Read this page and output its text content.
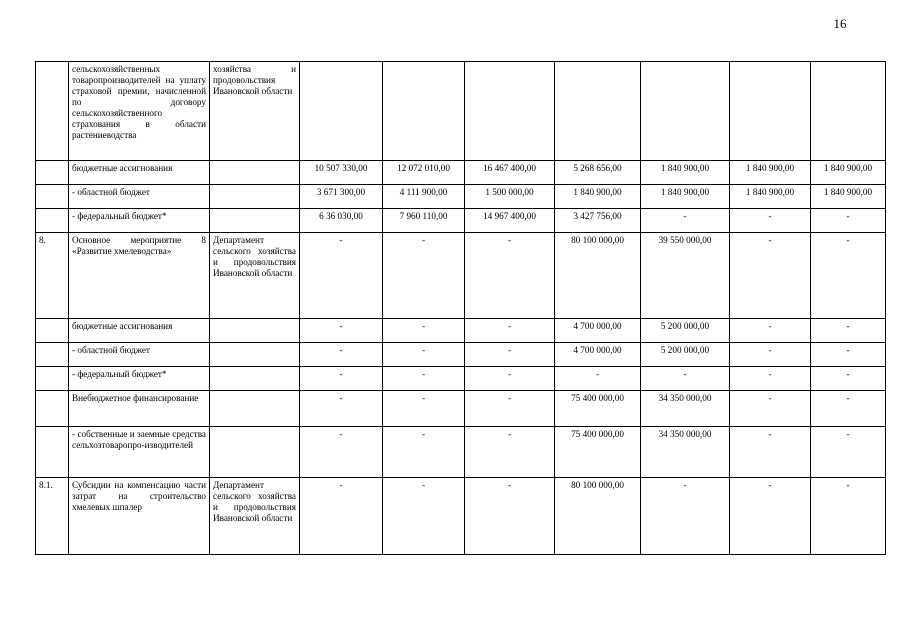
16
	сельскохозяйственных товаропроизводителей на уплату страховой премии, начисленной по договору сельскохозяйственного страхования в области растениеводства	хозяйства и продовольствия Ивановской области							
	бюджетные ассигнования		10 507 330,00	12 072 010,00	16 467 400,00	5 268 656,00	1 840 900,00	1 840 900,00	1 840 900,00
	- областной бюджет		3 671 300,00	4 111 900,00	1 500 000,00	1 840 900,00	1 840 900,00	1 840 900,00	1 840 900,00
	- федеральный бюджет*		6 36 030,00	7 960 110,00	14 967 400,00	3 427 756,00	-	-	-
8.	Основное мероприятие 8 «Развитие хмелеводства»	Департамент сельского хозяйства и продовольствия Ивановской области	-	-	-	80 100 000,00	39 550 000,00	-	-
	бюджетные ассигнования		-	-	-	4 700 000,00	5 200 000,00	-	-
	- областной бюджет		-	-	-	4 700 000,00	5 200 000,00	-	-
	- федеральный бюджет*		-	-	-	-	-	-	-
	Внебюджетное финансирование		-	-	-	75 400 000,00	34 350 000,00	-	-
	- собственные и заемные средства сельхозтоваропро-изводителей		-	-	-	75 400 000,00	34 350 000,00	-	-
8.1.	Субсидии на компенсацию части затрат на строительство хмелевых шпалер	Департамент сельского хозяйства и продовольствия Ивановской области	-	-	-	80 100 000,00	-	-	-
